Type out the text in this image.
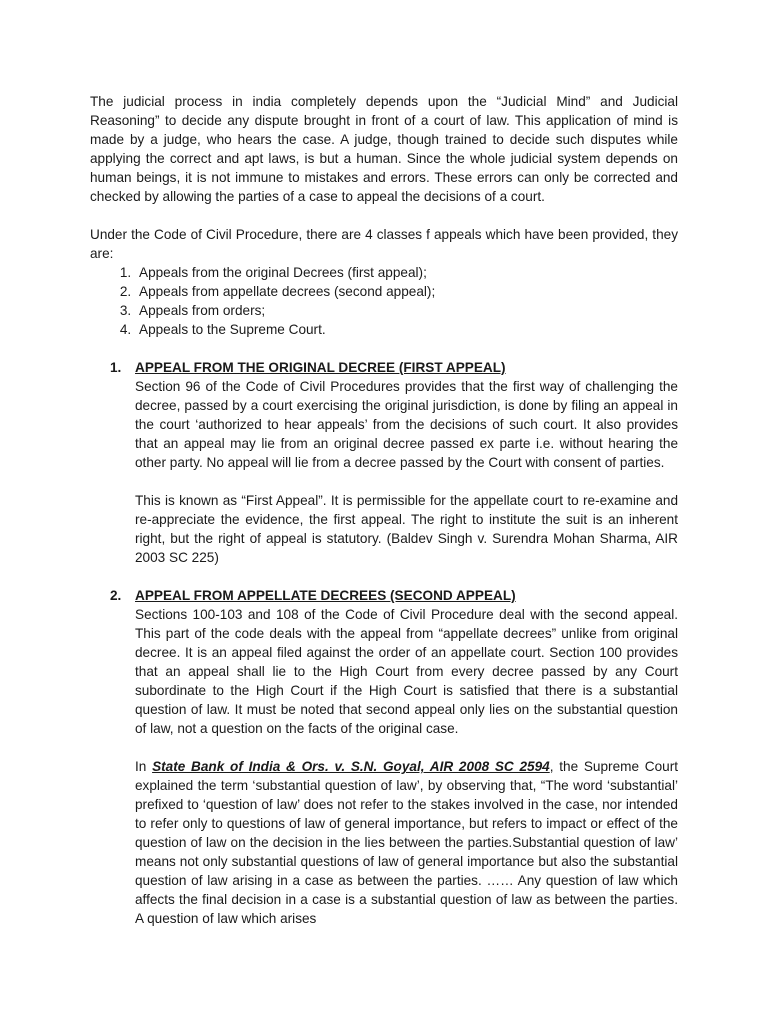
The judicial process in india completely depends upon the “Judicial Mind” and Judicial Reasoning” to decide any dispute brought in front of a court of law. This application of mind is made by a judge, who hears the case. A judge, though trained to decide such disputes while applying the correct and apt laws, is but a human. Since the whole judicial system depends on human beings, it is not immune to mistakes and errors. These errors can only be corrected and checked by allowing the parties of a case to appeal the decisions of a court.

Under the Code of Civil Procedure, there are 4 classes f appeals which have been provided, they are:

1. Appeals from the original Decrees (first appeal);
2. Appeals from appellate decrees (second appeal);
3. Appeals from orders;
4. Appeals to the Supreme Court.
1.	APPEAL FROM THE ORIGINAL DECREE (FIRST APPEAL)

Section 96 of the Code of Civil Procedures provides that the first way of challenging the decree, passed by a court exercising the original jurisdiction, is done by filing an appeal in the court ‘authorized to hear appeals’ from the decisions of such court. It also provides that an appeal may lie from an original decree passed ex parte i.e. without hearing the other party. No appeal will lie from a decree passed by the Court with consent of parties.

This is known as “First Appeal”. It is permissible for the appellate court to re-examine and re-appreciate the evidence, the first appeal. The right to institute the suit is an inherent right, but the right of appeal is statutory. (Baldev Singh v. Surendra Mohan Sharma, AIR 2003 SC 225)

2.	APPEAL FROM APPELLATE DECREES (SECOND APPEAL)

Sections 100-103 and 108 of the Code of Civil Procedure deal with the second appeal. This part of the code deals with the appeal from “appellate decrees” unlike from original decree. It is an appeal filed against the order of an appellate court. Section 100 provides that an appeal shall lie to the High Court from every decree passed by any Court subordinate to the High Court if the High Court is satisfied that there is a substantial question of law. It must be noted that second appeal only lies on the substantial question of law, not a question on the facts of the original case.

In State Bank of India & Ors. v. S.N. Goyal, AIR 2008 SC 2594, the Supreme Court explained the term ‘substantial question of law’, by observing that, “The word ‘substantial’ prefixed to ‘question of law’ does not refer to the stakes involved in the case, nor intended to refer only to questions of law of general importance, but refers to impact or effect of the question of law on the decision in the lies between the parties.Substantial question of law’ means not only substantial questions of law of general importance but also the substantial question of law arising in a case as between the parties. …… Any question of law which affects the final decision in a case is a substantial question of law as between the parties. A question of law which arises
